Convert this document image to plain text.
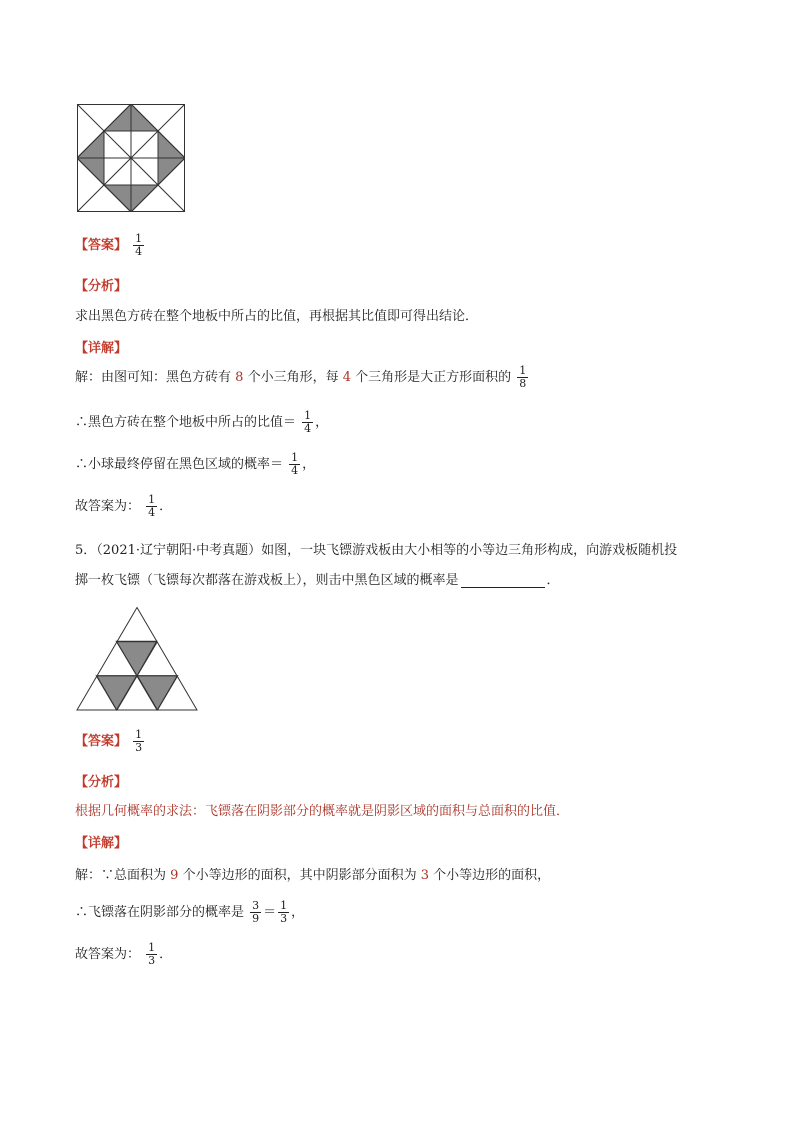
【答案】 $\frac{1}{4}$
【分析】
求出黑色方砖在整个地板中所占的比值，再根据其比值即可得出结论．
【详解】
解：由图可知：黑色方砖有 8 个小三角形，每 4 个三角形是大正方形面积的 $\frac{1}{8}$
∴黑色方砖在整个地板中所占的比值＝ $\frac{1}{4}$ ，
∴小球最终停留在黑色区域的概率＝ $\frac{1}{4}$ ，
故答案为： $\frac{1}{4}$ ．
5．（2021·辽宁朝阳·中考真题）如图，一块飞镖游戏板由大小相等的小等边三角形构成，向游戏板随机投
掷一枚飞镖（飞镖每次都落在游戏板上），则击中黑色区域的概率是	．
【答案】 $\frac{1}{3}$
【分析】
根据几何概率的求法：飞镖落在阴影部分的概率就是阴影区域的面积与总面积的比值．
【详解】
解：∵总面积为 9 个小等边形的面积，其中阴影部分面积为 3 个小等边形的面积，
∴飞镖落在阴影部分的概率是 $\frac{3}{9} = \frac{1}{3}$ ，
故答案为： $\frac{1}{3}$ ．
